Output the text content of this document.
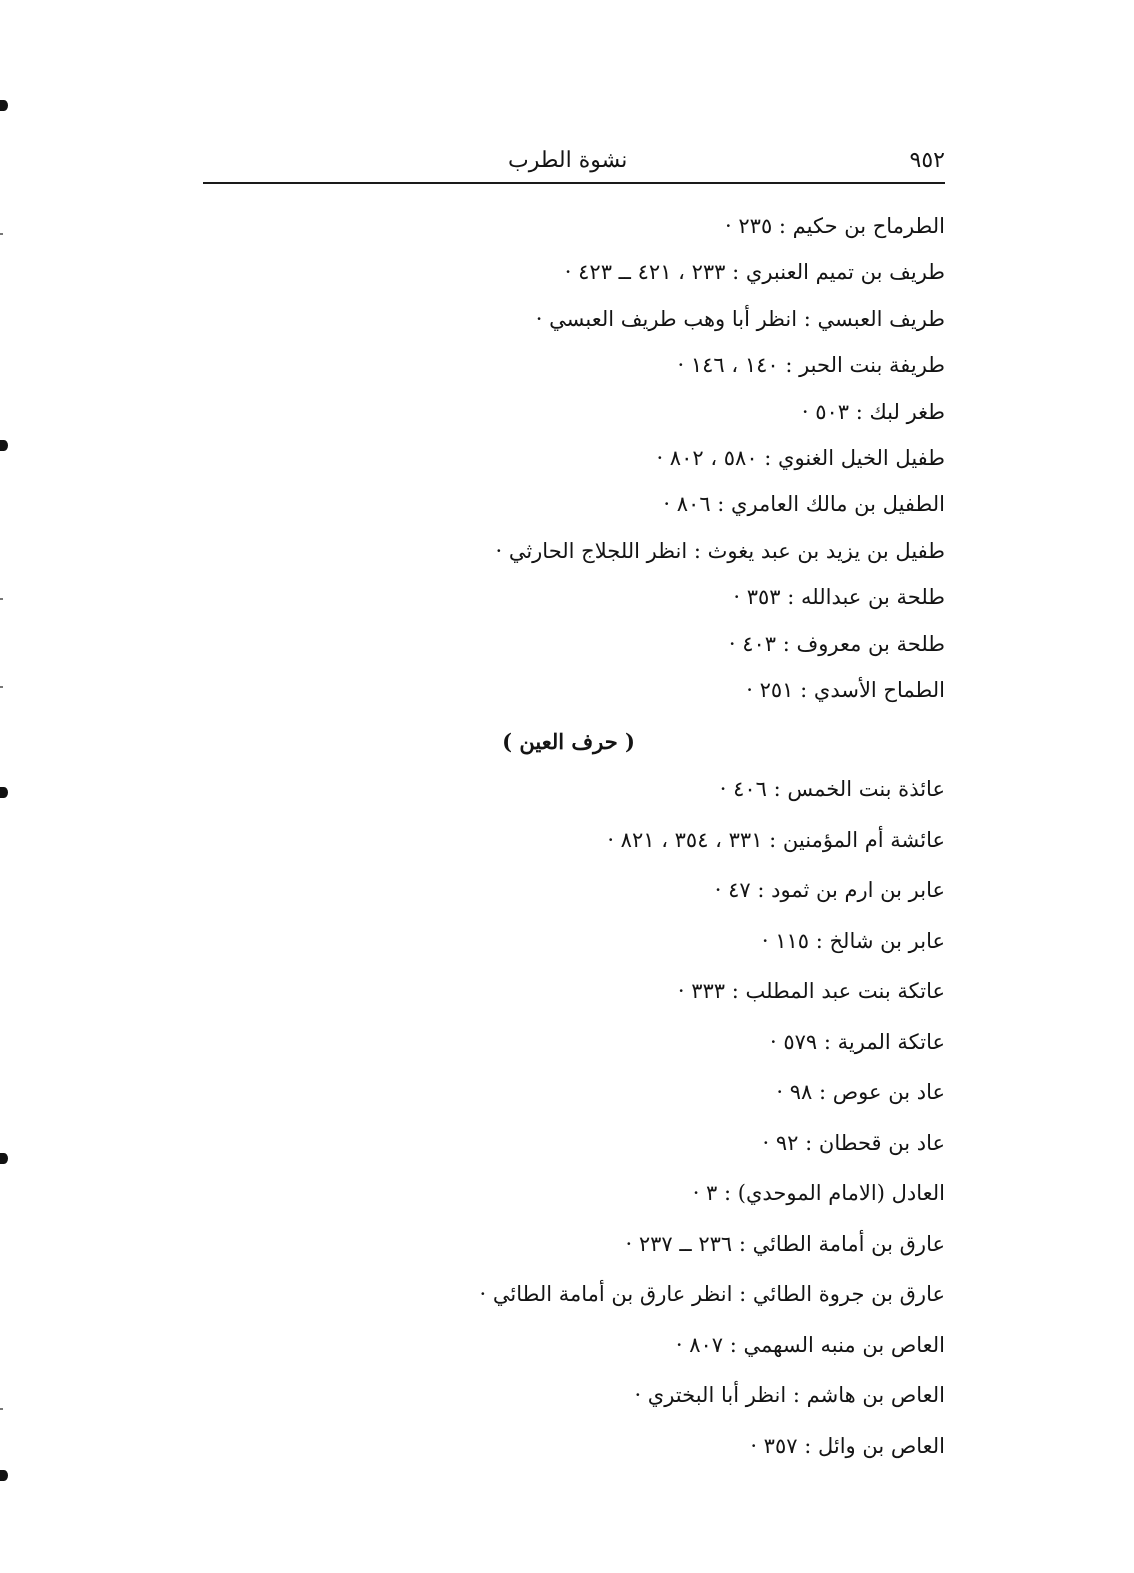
٩٥٢
نشوة الطرب
الطرماح بن حكيم : ٢٣٥ ·
طريف بن تميم العنبري : ٢٣٣ ، ٤٢١ ــ ٤٢٣ ·
طريف العبسي : انظر أبا وهب طريف العبسي ·
طريفة بنت الحبر : ١٤٠ ، ١٤٦ ·
طغر لبك : ٥٠٣ ·
طفيل الخيل الغنوي : ٥٨٠ ، ٨٠٢ ·
الطفيل بن مالك العامري : ٨٠٦ ·
طفيل بن يزيد بن عبد يغوث : انظر اللجلاج الحارثي ·
طلحة بن عبدالله : ٣٥٣ ·
طلحة بن معروف : ٤٠٣ ·
الطماح الأسدي : ٢٥١ ·
( حرف العين )
عائذة بنت الخمس : ٤٠٦ ·
عائشة أم المؤمنين : ٣٣١ ، ٣٥٤ ، ٨٢١ ·
عابر بن ارم بن ثمود : ٤٧ ·
عابر بن شالخ : ١١٥ ·
عاتكة بنت عبد المطلب : ٣٣٣ ·
عاتكة المرية : ٥٧٩ ·
عاد بن عوص : ٩٨ ·
عاد بن قحطان : ٩٢ ·
العادل (الامام الموحدي) : ٣ ·
عارق بن أمامة الطائي : ٢٣٦ ــ ٢٣٧ ·
عارق بن جروة الطائي : انظر عارق بن أمامة الطائي ·
العاص بن منبه السهمي : ٨٠٧ ·
العاص بن هاشم : انظر أبا البختري ·
العاص بن وائل : ٣٥٧ ·
